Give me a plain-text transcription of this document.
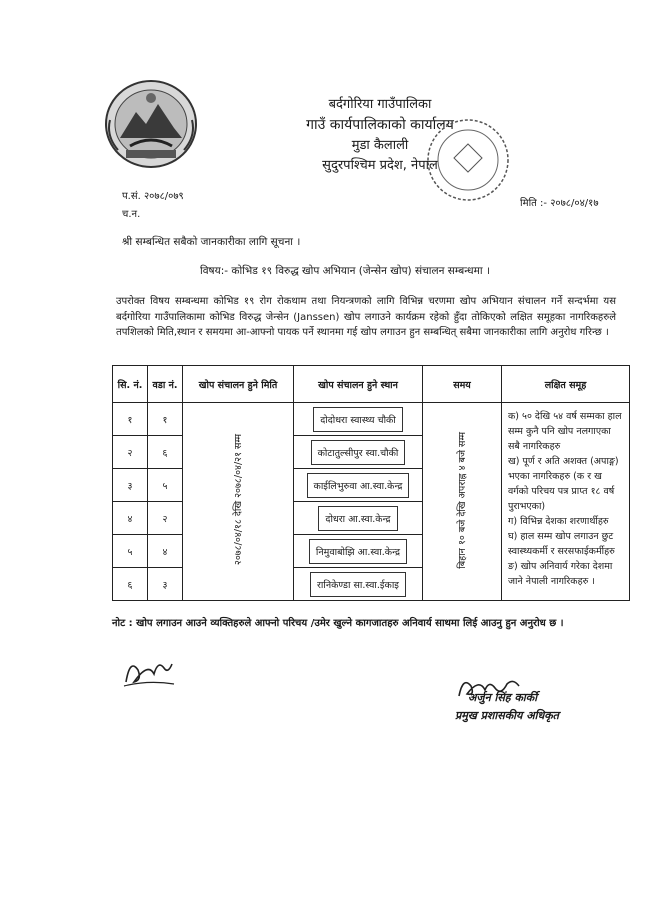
बर्दगोरिया गाउँपालिका
गाउँ कार्यपालिकाको कार्यालय
मुडा कैलाली
सुदुरपश्चिम प्रदेश, नेपाल
प.सं. २०७८/०७९
च.न.
मिति :- २०७८/०४/१७
श्री सम्बन्धित सबैको जानकारीका लागि सूचना ।
विषय:- कोभिड १९ विरुद्ध खोप अभियान (जेन्सेन खोप) संचालन सम्बन्धमा ।
उपरोक्त विषय सम्बन्धमा कोभिड १९ रोग रोकथाम तथा नियन्त्रणको लागि विभिन्न चरणमा खोप अभियान संचालन गर्ने सन्दर्भमा यस बर्दगोरिया गाउँपालिकामा कोभिड विरुद्ध जेन्सेन (Janssen) खोप लगाउने कार्यक्रम रहेको हुँदा तोकिएको लक्षित समूहका नागरिकहरुले तपशिलको मिति,स्थान र समयमा आ-आफ्नो पायक पर्ने स्थानमा गई खोप लगाउन हुन सम्बन्धित् सबैमा जानकारीका लागि अनुरोध गरिन्छ ।
सि. नं.	वडा नं.	खोप संचालन हुने मिति	खोप संचालन हुने स्थान	समय	लक्षित समूह
१	१	२०७८/०४/१८ देखि २०७८/०४/२१ सम्म	दोदोधरा स्वास्थ्य चौकी	बिहान १० बजे देखि अपराह्न ४ बजे सम्म	क) ५० देखि ५४ वर्ष सम्मका हाल सम्म कुनै पनि खोप नलगाएका सबै नागरिकहरु
ख) पूर्ण र अति अशक्त (अपाङ्ग) भएका नागरिकहरु (क र ख वर्गको परिचय पत्र प्राप्त १८ वर्ष पुराभएका)
ग) विभिन्न देशका शरणार्थीहरु
घ) हाल सम्म खोप लगाउन छुट स्वास्थ्यकर्मी र सरसफाईकर्मीहरु
ङ) खोप अनिवार्य गरेका देशमा जाने नेपाली नागरिकहरु ।

२	६		कोटातुल्सीपुर स्वा.चौकी		
३	५		काईलिभुरुवा आ.स्वा.केन्द्र		
४	२		दोधरा आ.स्वा.केन्द्र		
५	४		निमुवाबोझि आ.स्वा.केन्द्र		
६	३		रानिकेण्डा सा.स्वा.ईकाइ		
नोट : खोप लगाउन आउने व्यक्तिहरुले आफ्नो परिचय /उमेर खुल्ने कागजातहरु अनिवार्य साथमा लिई आउनु हुन अनुरोध छ ।
अर्जुन सिंह कार्की
प्रमुख प्रशासकीय अधिकृत
